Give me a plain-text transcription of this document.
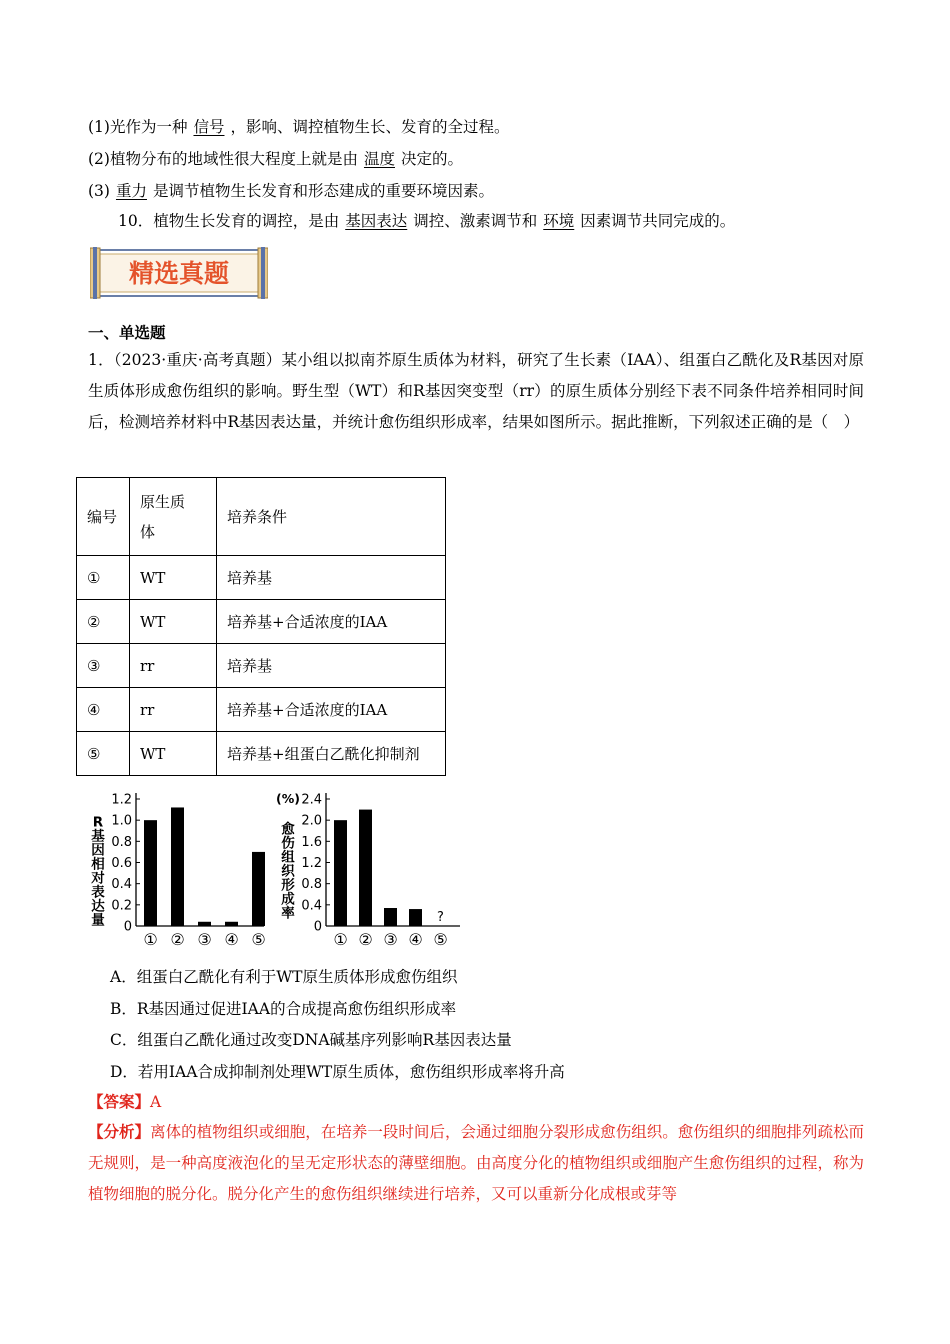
(1)光作为一种 信号 ，影响、调控植物生长、发育的全过程。
(2)植物分布的地域性很大程度上就是由 温度 决定的。
(3) 重力 是调节植物生长发育和形态建成的重要环境因素。
10．植物生长发育的调控，是由 基因表达 调控、激素调节和 环境 因素调节共同完成的。
精选真题
一、单选题
1．（2023·重庆·高考真题）某小组以拟南芥原生质体为材料，研究了生长素（IAA）、组蛋白乙酰化及R基因对原生质体形成愈伤组织的影响。野生型（WT）和R基因突变型（rr）的原生质体分别经下表不同条件培养相同时间后，检测培养材料中R基因表达量，并统计愈伤组织形成率，结果如图所示。据此推断，下列叙述正确的是（　）
编号	原生质体	培养条件
①	WT	培养基
②	WT	培养基+合适浓度的IAA
③	rr	培养基
④	rr	培养基+合适浓度的IAA
⑤	WT	培养基+组蛋白乙酰化抑制剂
0
0.2
0.4
0.6
0.8
1.0
1.2
R 基因相对表达量
① ② ③ ④ ⑤
0
0.4
0.8
1.2
1.6
2.0
2.4
愈伤组织形成率
(%)
① ② ③ ④
?
⑤
A．组蛋白乙酰化有利于WT原生质体形成愈伤组织
B．R基因通过促进IAA的合成提高愈伤组织形成率
C．组蛋白乙酰化通过改变DNA碱基序列影响R基因表达量
D．若用IAA合成抑制剂处理WT原生质体，愈伤组织形成率将升高
【答案】A
【分析】离体的植物组织或细胞，在培养一段时间后，会通过细胞分裂形成愈伤组织。愈伤组织的细胞排列疏松而无规则，是一种高度液泡化的呈无定形状态的薄壁细胞。由高度分化的植物组织或细胞产生愈伤组织的过程，称为植物细胞的脱分化。脱分化产生的愈伤组织继续进行培养，又可以重新分化成根或芽等
